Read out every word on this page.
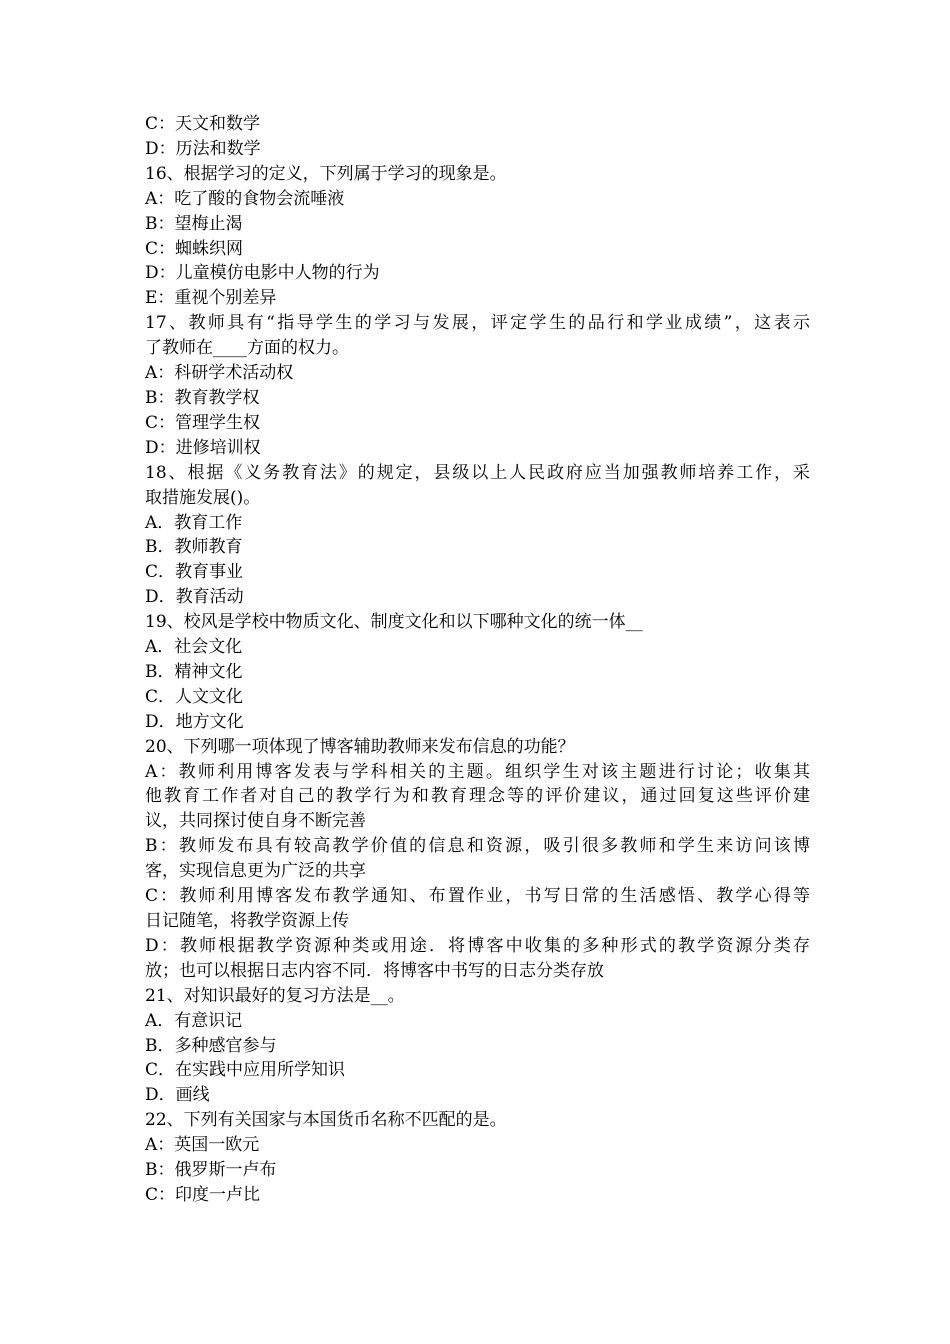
C：天文和数学
D：历法和数学
16、根据学习的定义，下列属于学习的现象是。
A：吃了酸的食物会流唾液
B：望梅止渴
C：蜘蛛织网
D：儿童模仿电影中人物的行为
E：重视个别差异
17、教师具有“指导学生的学习与发展，评定学生的品行和学业成绩”，这表示
了教师在____方面的权力。
A：科研学术活动权
B：教育教学权
C：管理学生权
D：进修培训权
18、根据《义务教育法》的规定，县级以上人民政府应当加强教师培养工作，采
取措施发展()。
A．教育工作
B．教师教育
C．教育事业
D．教育活动
19、校风是学校中物质文化、制度文化和以下哪种文化的统一体__
A．社会文化
B．精神文化
C．人文文化
D．地方文化
20、下列哪一项体现了博客辅助教师来发布信息的功能？
A：教师利用博客发表与学科相关的主题。组织学生对该主题进行讨论；收集其
他教育工作者对自己的教学行为和教育理念等的评价建议，通过回复这些评价建
议，共同探讨使自身不断完善
B：教师发布具有较高教学价值的信息和资源，吸引很多教师和学生来访问该博
客，实现信息更为广泛的共享
C：教师利用博客发布教学通知、布置作业，书写日常的生活感悟、教学心得等
日记随笔，将教学资源上传
D：教师根据教学资源种类或用途．将博客中收集的多种形式的教学资源分类存
放；也可以根据日志内容不同．将博客中书写的日志分类存放
21、对知识最好的复习方法是__。
A．有意识记
B．多种感官参与
C．在实践中应用所学知识
D．画线
22、下列有关国家与本国货币名称不匹配的是。
A：英国一欧元
B：俄罗斯一卢布
C：印度一卢比
